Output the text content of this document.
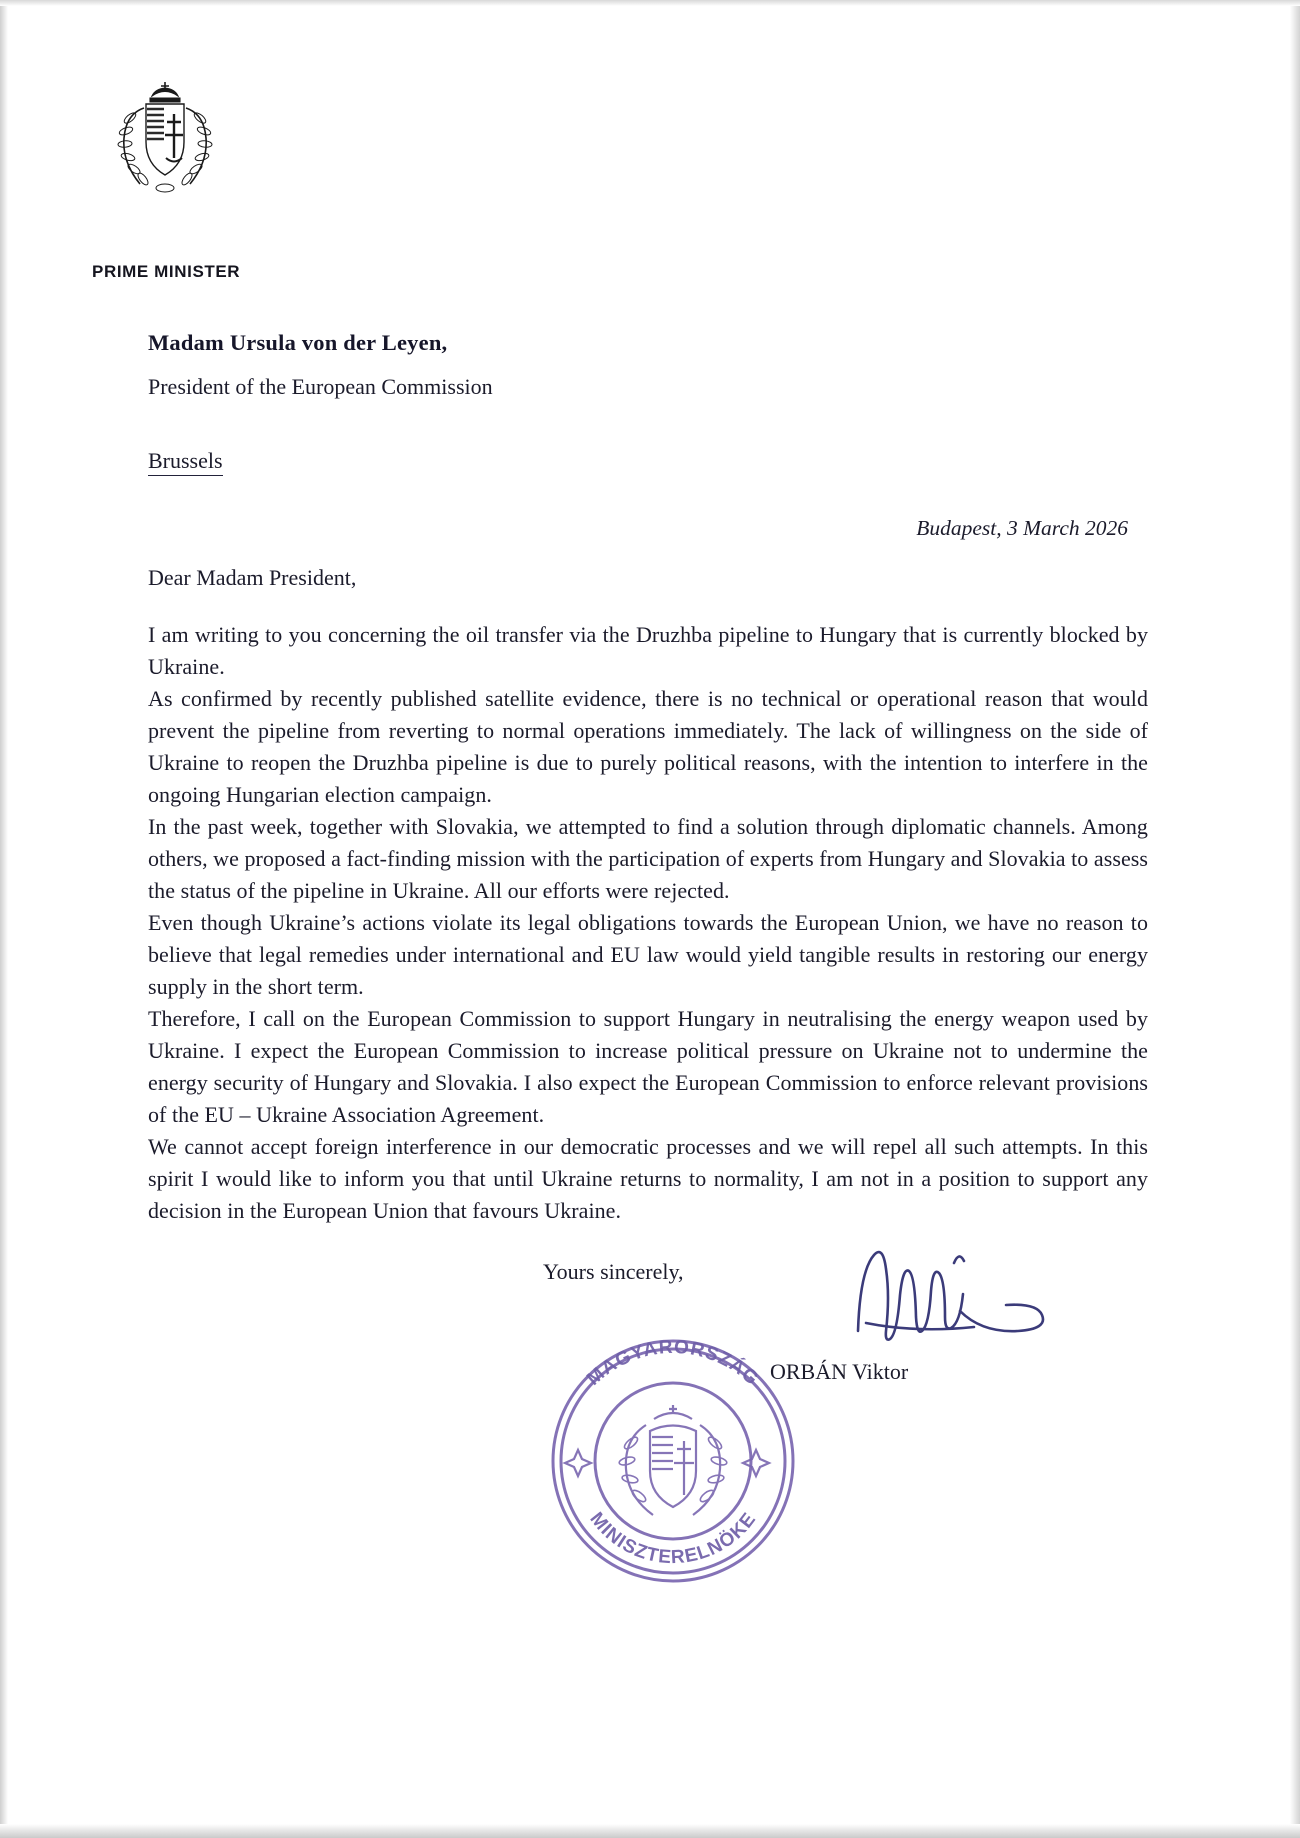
PRIME MINISTER
Madam Ursula von der Leyen,
President of the European Commission
Brussels
Budapest, 3 March 2026
Dear Madam President,

I am writing to you concerning the oil transfer via the Druzhba pipeline to Hungary that is currently blocked by Ukraine.

As confirmed by recently published satellite evidence, there is no technical or operational reason that would prevent the pipeline from reverting to normal operations immediately. The lack of willingness on the side of Ukraine to reopen the Druzhba pipeline is due to purely political reasons, with the intention to interfere in the ongoing Hungarian election campaign.

In the past week, together with Slovakia, we attempted to find a solution through diplomatic channels. Among others, we proposed a fact-finding mission with the participation of experts from Hungary and Slovakia to assess the status of the pipeline in Ukraine. All our efforts were rejected.

Even though Ukraine’s actions violate its legal obligations towards the European Union, we have no reason to believe that legal remedies under international and EU law would yield tangible results in restoring our energy supply in the short term.

Therefore, I call on the European Commission to support Hungary in neutralising the energy weapon used by Ukraine. I expect the European Commission to increase political pressure on Ukraine not to undermine the energy security of Hungary and Slovakia. I also expect the European Commission to enforce relevant provisions of the EU – Ukraine Association Agreement.

We cannot accept foreign interference in our democratic processes and we will repel all such attempts. In this spirit I would like to inform you that until Ukraine returns to normality, I am not in a position to support any decision in the European Union that favours Ukraine.

Yours sincerely,
ORBÁN Viktor
MAGYARORSZÁG
MINISZTERELNÖKE
